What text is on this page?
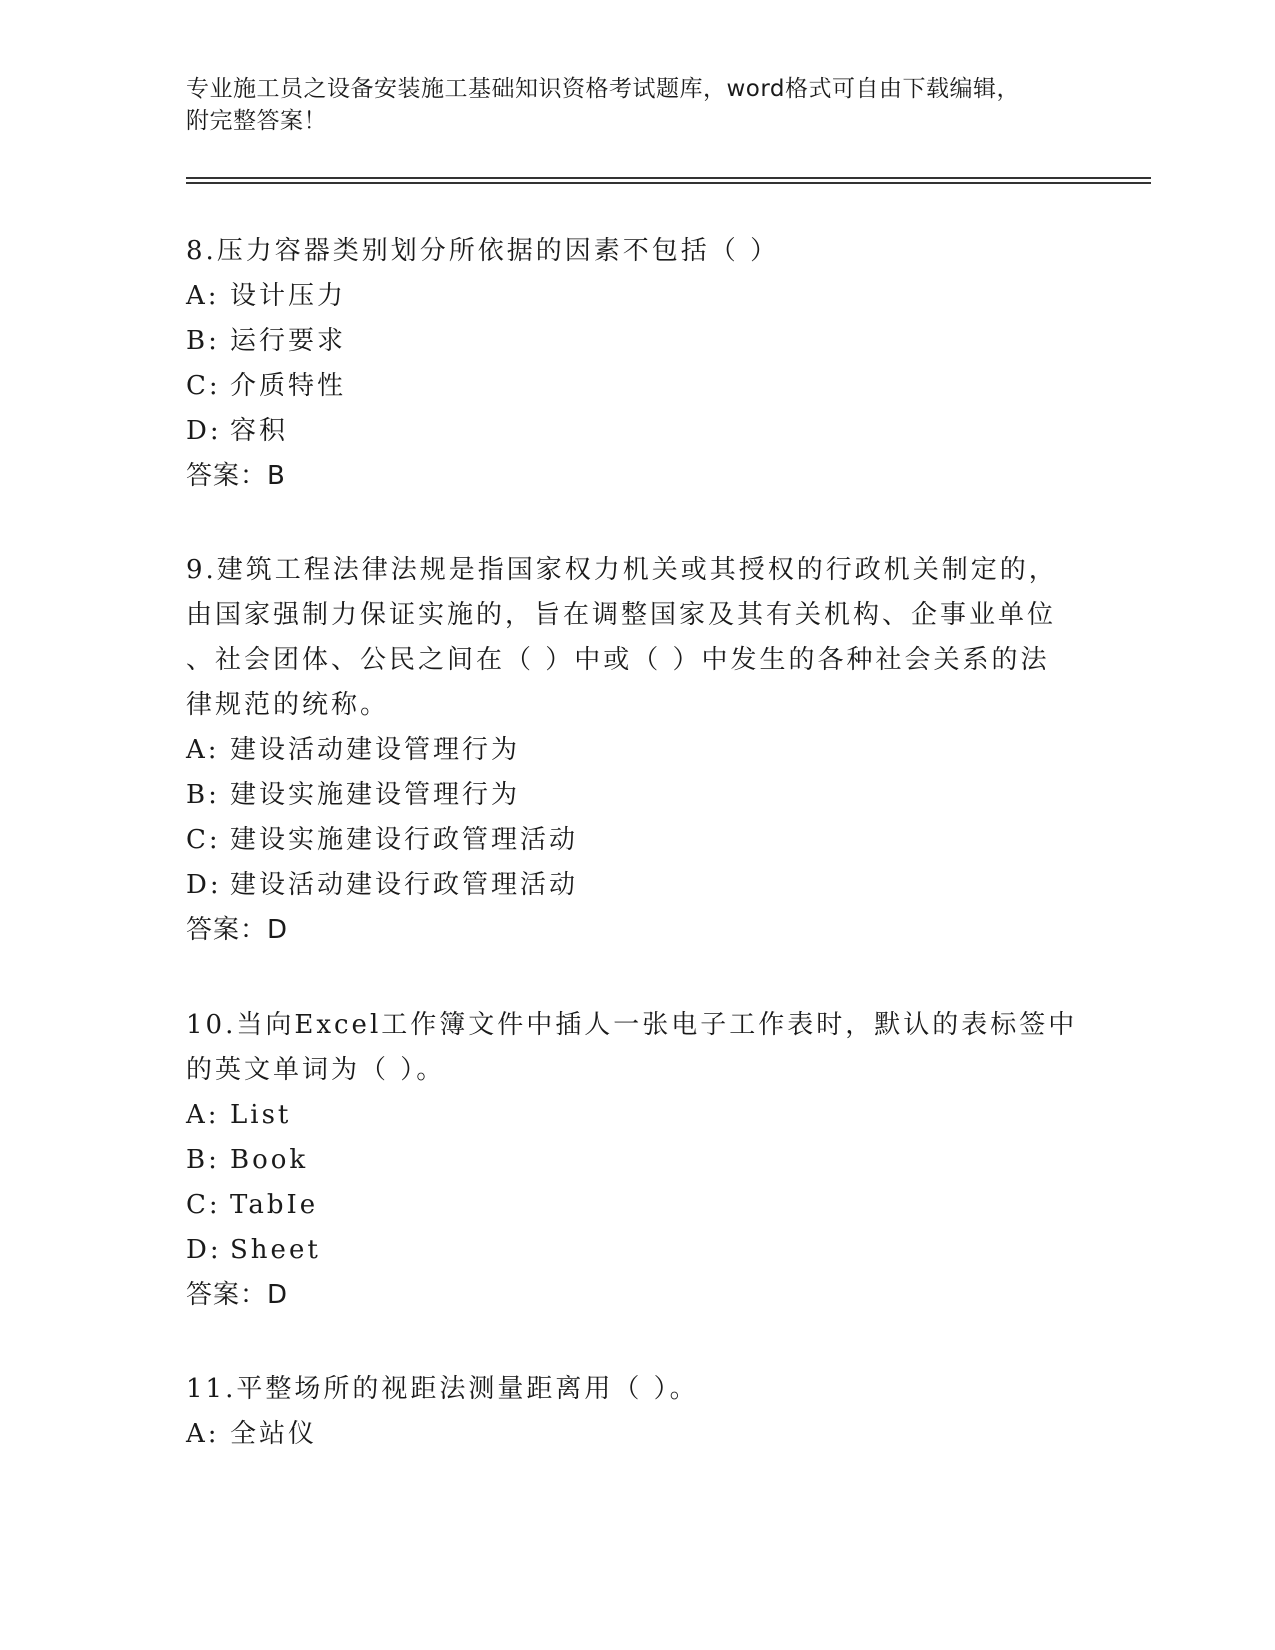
专业施工员之设备安装施工基础知识资格考试题库，word格式可自由下载编辑，
附完整答案！
8.压力容器类别划分所依据的因素不包括（ ）
A: 设计压力
B: 运行要求
C: 介质特性
D: 容积
答案：B
9.建筑工程法律法规是指国家权力机关或其授权的行政机关制定的，
由国家强制力保证实施的，旨在调整国家及其有关机构、企事业单位
、社会团体、公民之间在（ ）中或（ ）中发生的各种社会关系的法
律规范的统称。
A: 建设活动建设管理行为
B: 建设实施建设管理行为
C: 建设实施建设行政管理活动
D: 建设活动建设行政管理活动
答案：D
10.当向Excel工作簿文件中插人一张电子工作表时，默认的表标签中
的英文单词为（ ）。
A: List
B: Book
C: TabIe
D: Sheet
答案：D
11.平整场所的视距法测量距离用（ ）。
A: 全站仪
